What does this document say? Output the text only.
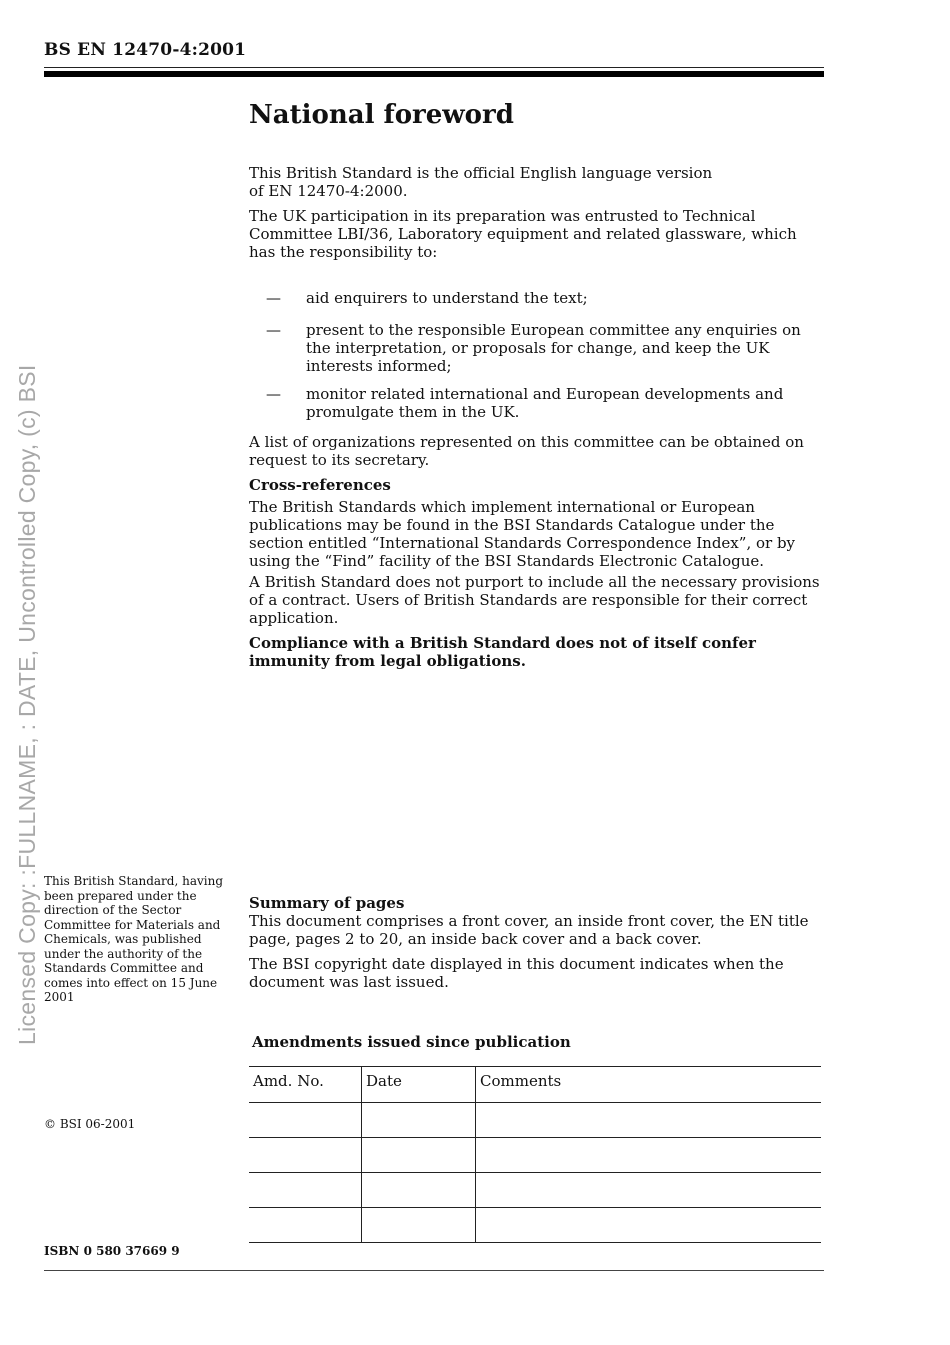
BS EN 12470-4:2001
National foreword
This British Standard is the official English language version of EN 12470-4:2000.
The UK participation in its preparation was entrusted to Technical Committee LBI/36, Laboratory equipment and related glassware, which has the responsibility to:
— aid enquirers to understand the text;
— present to the responsible European committee any enquiries on the interpretation, or proposals for change, and keep the UK interests informed;
— monitor related international and European developments and promulgate them in the UK.
A list of organizations represented on this committee can be obtained on request to its secretary.
Cross-references
The British Standards which implement international or European publications may be found in the BSI Standards Catalogue under the section entitled “International Standards Correspondence Index”, or by using the “Find” facility of the BSI Standards Electronic Catalogue.
A British Standard does not purport to include all the necessary provisions of a contract. Users of British Standards are responsible for their correct application.
Compliance with a British Standard does not of itself confer immunity from legal obligations.
Licensed Copy: :FULLNAME, : DATE, Uncontrolled Copy, (c) BSI This British Standard, having been prepared under the direction of the Sector Committee for Materials and Chemicals, was published under the authority of the Standards Committee and comes into effect on 15 June 2001
Summary of pages
This document comprises a front cover, an inside front cover, the EN title page, pages 2 to 20, an inside back cover and a back cover.
The BSI copyright date displayed in this document indicates when the document was last issued.
Amendments issued since publication
Amd. No.	Date	Comments

© BSI 06-2001
ISBN 0 580 37669 9
